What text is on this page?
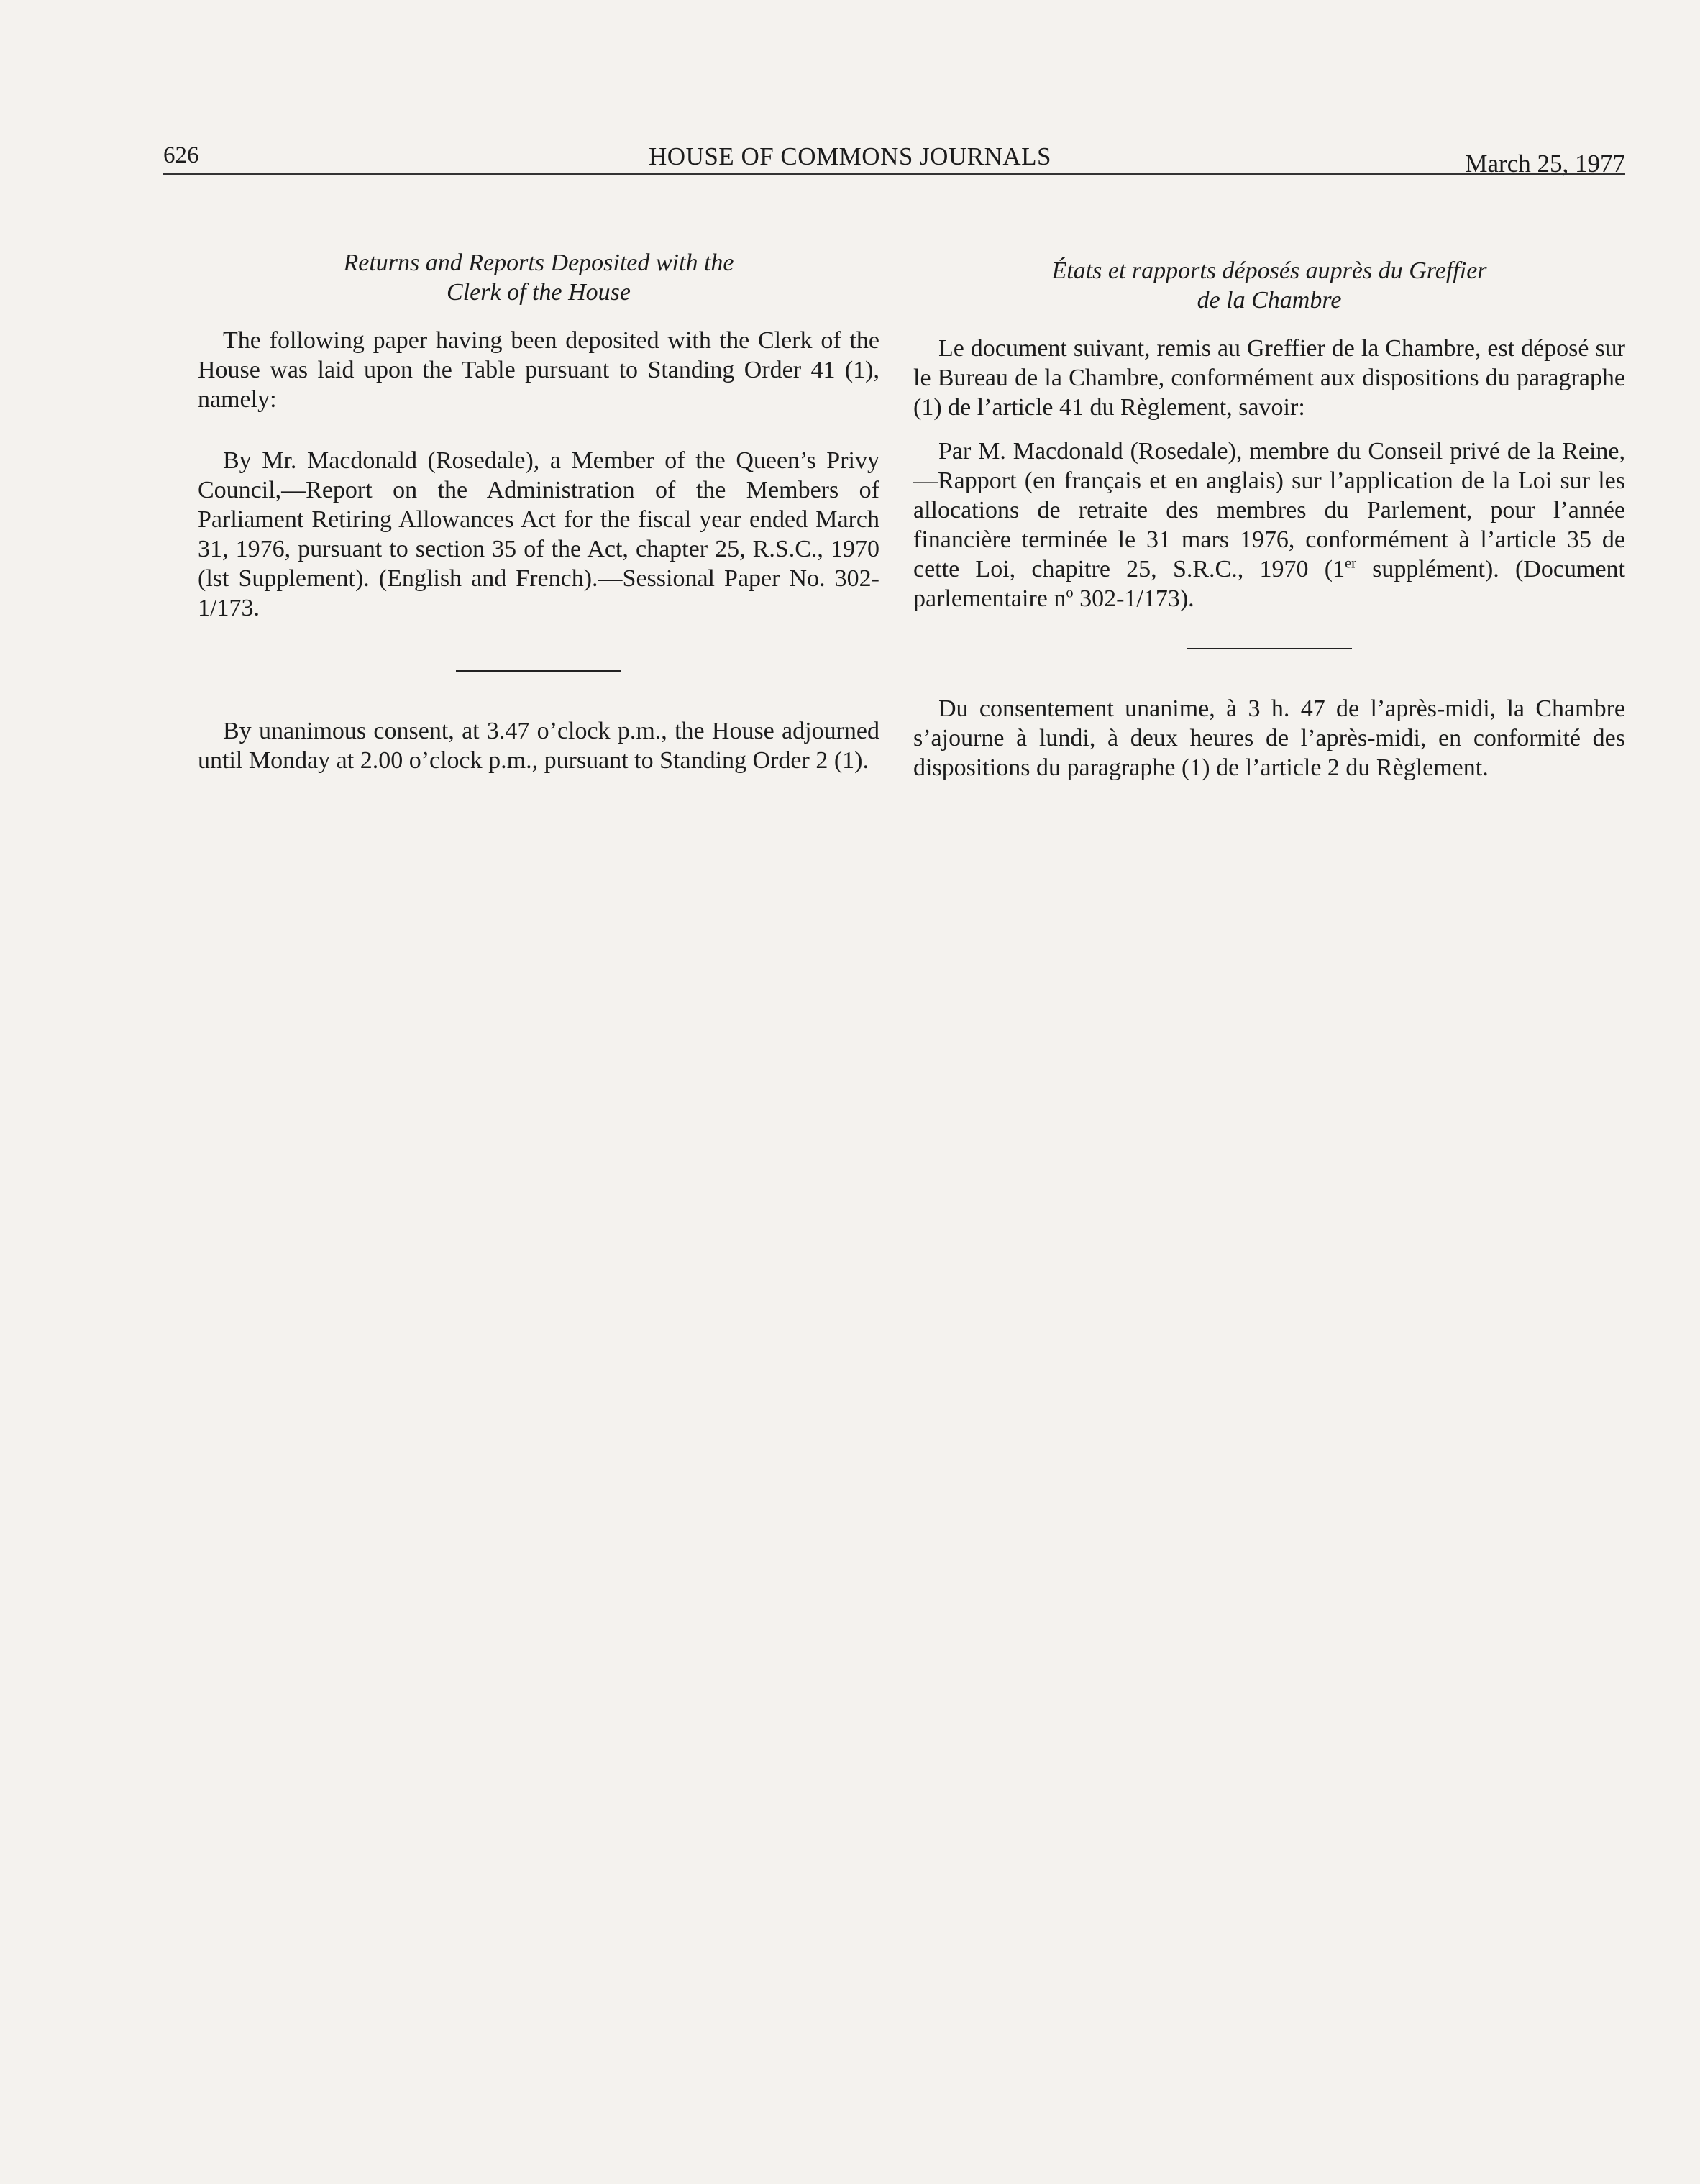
626	HOUSE OF COMMONS JOURNALS	March 25, 1977

Returns and Reports Deposited with the
Clerk of the House

The following paper having been deposited with the Clerk of the House was laid upon the Table pursuant to Standing Order 41 (1), namely:

By Mr. Macdonald (Rosedale), a Member of the Queen’s Privy Council,—Report on the Administration of the Members of Parliament Retiring Allowances Act for the fiscal year ended March 31, 1976, pursuant to section 35 of the Act, chapter 25, R.S.C., 1970 (lst Supplement). (English and French).—Sessional Paper No. 302-1/173.

By unanimous consent, at 3.47 o’clock p.m., the House adjourned until Monday at 2.00 o’clock p.m., pursuant to Standing Order 2 (1).

États et rapports déposés auprès du Greffier
de la Chambre

Le document suivant, remis au Greffier de la Chambre, est déposé sur le Bureau de la Chambre, conformément aux dispositions du paragraphe (1) de l’article 41 du Règlement, savoir:

Par M. Macdonald (Rosedale), membre du Conseil privé de la Reine,—Rapport (en français et en anglais) sur l’application de la Loi sur les allocations de retraite des membres du Parlement, pour l’année financière terminée le 31 mars 1976, conformément à l’article 35 de cette Loi, chapitre 25, S.R.C., 1970 (1er supplément). (Document parlementaire $n^o$ 302-1/173).

Du consentement unanime, à 3 h. 47 de l’après-midi, la Chambre s’ajourne à lundi, à deux heures de l’après-midi, en conformité des dispositions du paragraphe (1) de l’article 2 du Règlement.
